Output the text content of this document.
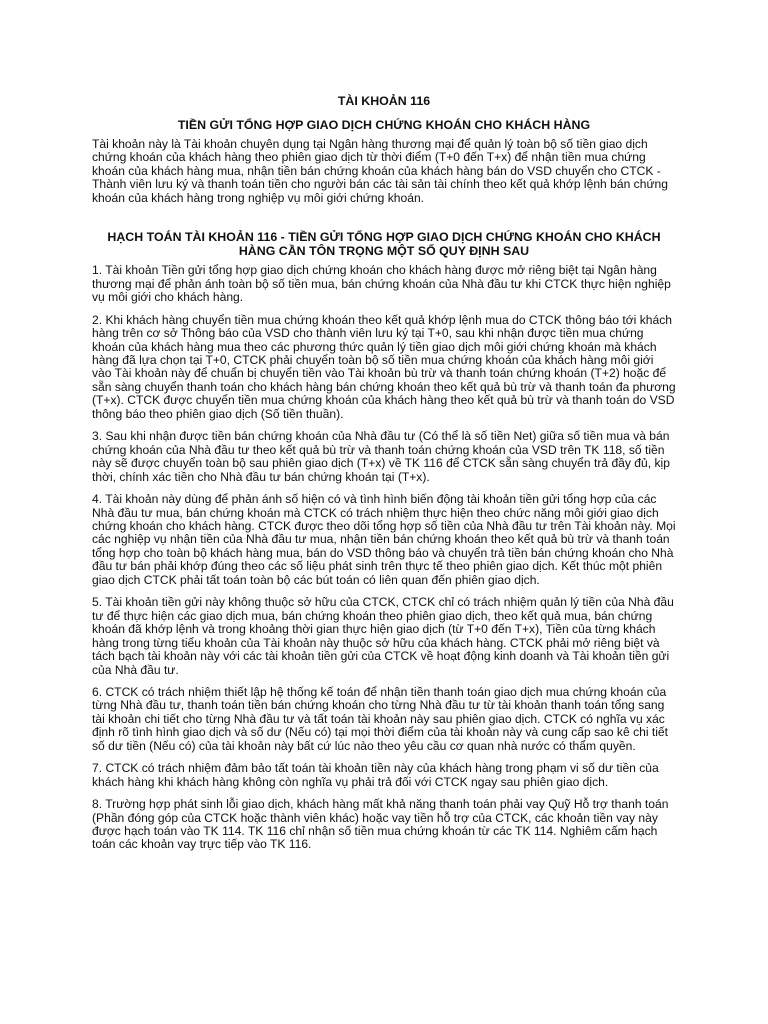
TÀI KHOẢN 116
TIỀN GỬI TỔNG HỢP GIAO DỊCH CHỨNG KHOÁN CHO KHÁCH HÀNG

Tài khoản này là Tài khoản chuyên dụng tại Ngân hàng thương mại để quản lý toàn bộ số tiền giao dịch chứng khoán của khách hàng theo phiên giao dịch từ thời điểm (T+0 đến T+x) để nhận tiền mua chứng khoán của khách hàng mua, nhận tiền bán chứng khoán của khách hàng bán do VSD chuyển cho CTCK - Thành viên lưu ký và thanh toán tiền cho người bán các tài sản tài chính theo kết quả khớp lệnh bán chứng khoán của khách hàng trong nghiệp vụ môi giới chứng khoán.

HẠCH TOÁN TÀI KHOẢN 116 - TIỀN GỬI TỔNG HỢP GIAO DỊCH CHỨNG KHOÁN CHO KHÁCH HÀNG CẦN TÔN TRỌNG MỘT SỐ QUY ĐỊNH SAU

1. Tài khoản Tiền gửi tổng hợp giao dịch chứng khoán cho khách hàng được mở riêng biệt tại Ngân hàng thương mại để phản ánh toàn bộ số tiền mua, bán chứng khoán của Nhà đầu tư khi CTCK thực hiện nghiệp vụ môi giới cho khách hàng.

2. Khi khách hàng chuyển tiền mua chứng khoán theo kết quả khớp lệnh mua do CTCK thông báo tới khách hàng trên cơ sở Thông báo của VSD cho thành viên lưu ký tại T+0, sau khi nhận được tiền mua chứng khoán của khách hàng mua theo các phương thức quản lý tiền giao dịch môi giới chứng khoán mà khách hàng đã lựa chọn tại T+0, CTCK phải chuyển toàn bộ số tiền mua chứng khoán của khách hàng môi giới vào Tài khoản này để chuẩn bị chuyển tiền vào Tài khoản bù trừ và thanh toán chứng khoán (T+2) hoặc để sẵn sàng chuyển thanh toán cho khách hàng bán chứng khoán theo kết quả bù trừ và thanh toán đa phương (T+x). CTCK được chuyển tiền mua chứng khoán của khách hàng theo kết quả bù trừ và thanh toán do VSD thông báo theo phiên giao dịch (Số tiền thuần).

3. Sau khi nhận được tiền bán chứng khoán của Nhà đầu tư (Có thể là số tiền Net) giữa số tiền mua và bán chứng khoán của Nhà đầu tư theo kết quả bù trừ và thanh toán chứng khoán của VSD trên TK 118, số tiền này sẽ được chuyển toàn bộ sau phiên giao dịch (T+x) về TK 116 để CTCK sẵn sàng chuyển trả đầy đủ, kịp thời, chính xác tiền cho Nhà đầu tư bán chứng khoán tại (T+x).

4. Tài khoản này dùng để phản ánh số hiện có và tình hình biến động tài khoản tiền gửi tổng hợp của các Nhà đầu tư mua, bán chứng khoán mà CTCK có trách nhiệm thực hiện theo chức năng môi giới giao dịch chứng khoán cho khách hàng. CTCK được theo dõi tổng hợp số tiền của Nhà đầu tư trên Tài khoản này. Mọi các nghiệp vụ nhận tiền của Nhà đầu tư mua, nhận tiền bán chứng khoán theo kết quả bù trừ và thanh toán tổng hợp cho toàn bộ khách hàng mua, bán do VSD thông báo và chuyển trả tiền bán chứng khoán cho Nhà đầu tư bán phải khớp đúng theo các số liệu phát sinh trên thực tế theo phiên giao dịch. Kết thúc một phiên giao dịch CTCK phải tất toán toàn bộ các bút toán có liên quan đến phiên giao dịch.

5. Tài khoản tiền gửi này không thuộc sở hữu của CTCK, CTCK chỉ có trách nhiệm quản lý tiền của Nhà đầu tư để thực hiện các giao dịch mua, bán chứng khoán theo phiên giao dịch, theo kết quả mua, bán chứng khoán đã khớp lệnh và trong khoảng thời gian thực hiện giao dịch (từ T+0 đến T+x), Tiền của từng khách hàng trong từng tiểu khoản của Tài khoản này thuộc sở hữu của khách hàng. CTCK phải mở riêng biệt và tách bạch tài khoản này với các tài khoản tiền gửi của CTCK về hoạt động kinh doanh và Tài khoản tiền gửi của Nhà đầu tư.

6. CTCK có trách nhiệm thiết lập hệ thống kế toán để nhận tiền thanh toán giao dịch mua chứng khoán của từng Nhà đầu tư, thanh toán tiền bán chứng khoán cho từng Nhà đầu tư từ tài khoản thanh toán tổng sang tài khoản chi tiết cho từng Nhà đầu tư và tất toán tài khoản này sau phiên giao dịch. CTCK có nghĩa vụ xác định rõ tình hình giao dịch và số dư (Nếu có) tại mọi thời điểm của tài khoản này và cung cấp sao kê chi tiết số dư tiền (Nếu có) của tài khoản này bất cứ lúc nào theo yêu cầu cơ quan nhà nước có thẩm quyền.

7. CTCK có trách nhiệm đảm bảo tất toán tài khoản tiền này của khách hàng trong phạm vi số dư tiền của khách hàng khi khách hàng không còn nghĩa vụ phải trả đối với CTCK ngay sau phiên giao dịch.

8. Trường hợp phát sinh lỗi giao dịch, khách hàng mất khả năng thanh toán phải vay Quỹ Hỗ trợ thanh toán (Phần đóng góp của CTCK hoặc thành viên khác) hoặc vay tiền hỗ trợ của CTCK, các khoản tiền vay này được hạch toán vào TK 114. TK 116 chỉ nhận số tiền mua chứng khoán từ các TK 114. Nghiêm cấm hạch toán các khoản vay trực tiếp vào TK 116.
